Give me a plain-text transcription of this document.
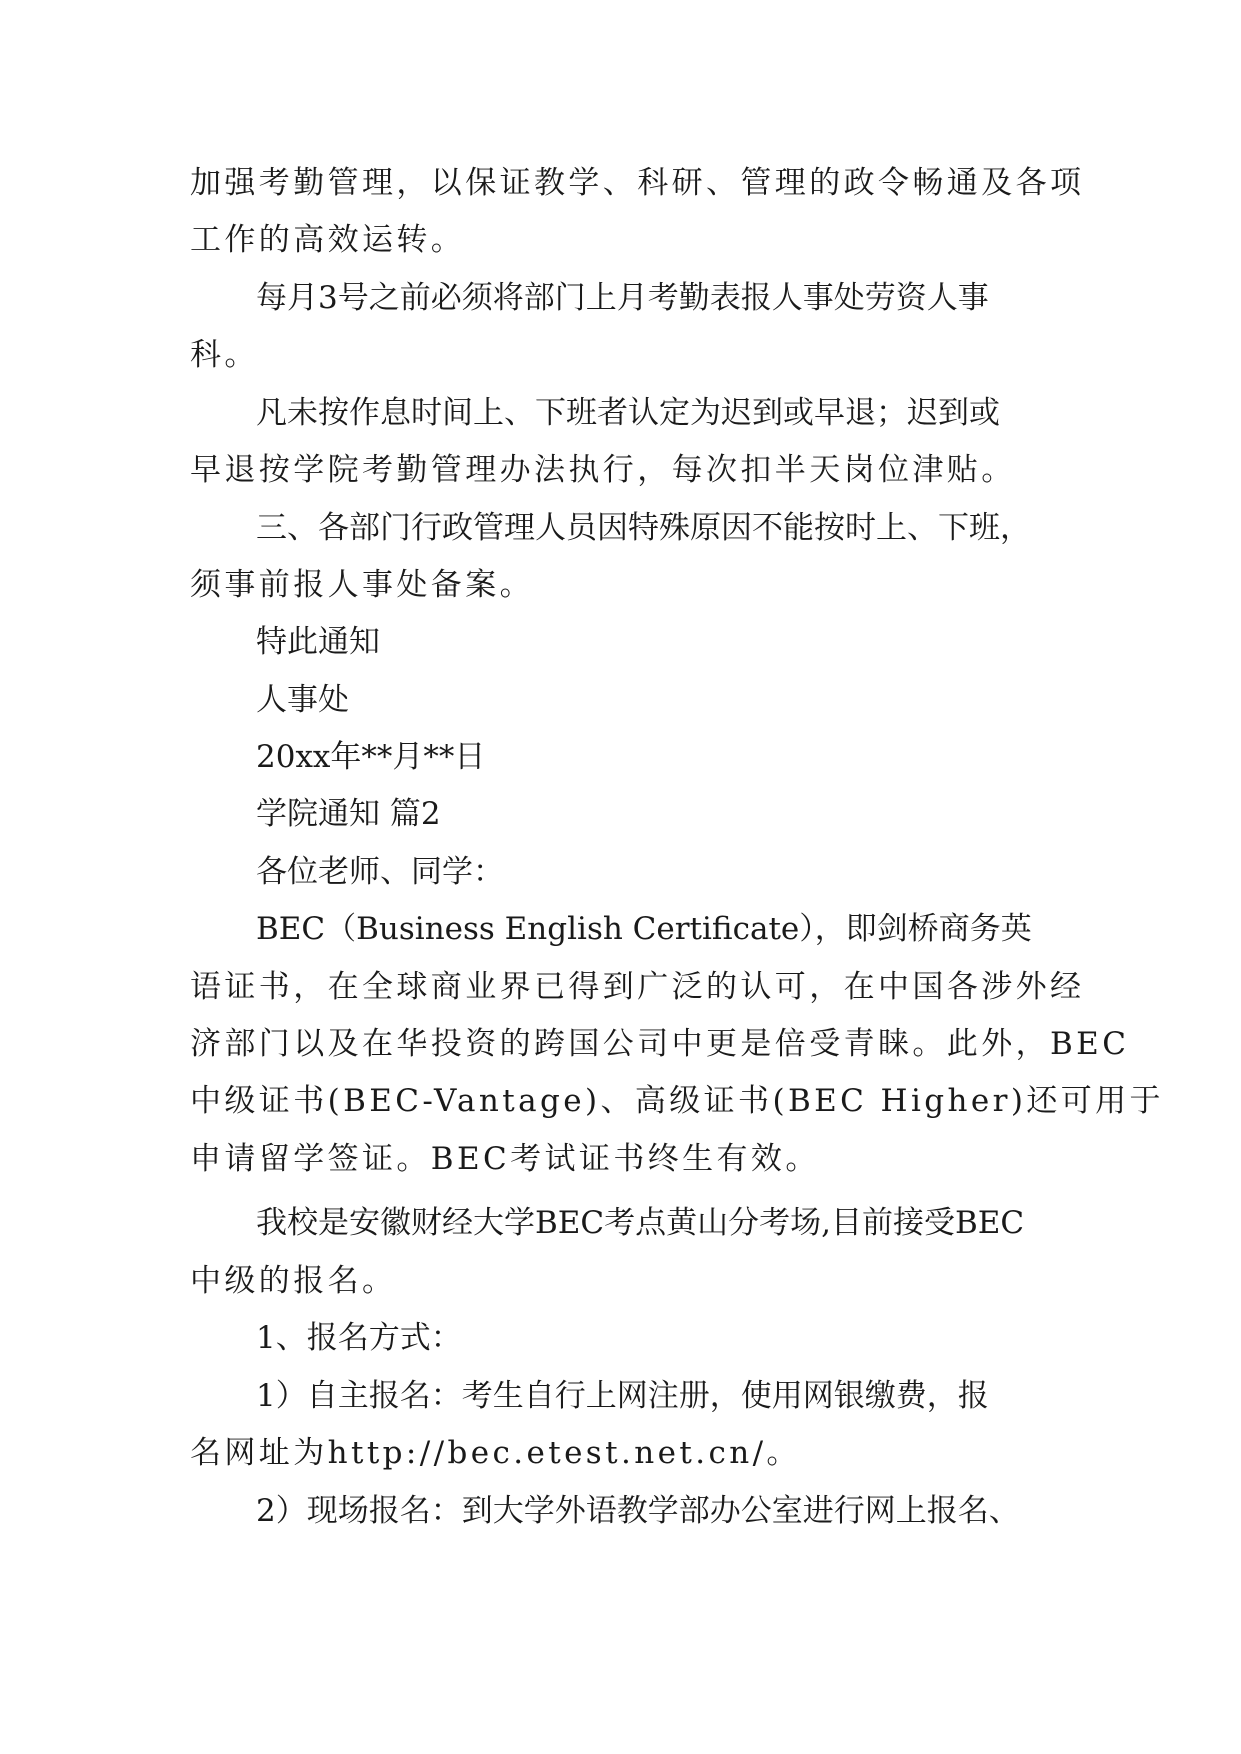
加强考勤管理，以保证教学、科研、管理的政令畅通及各项
工作的高效运转。
每月3号之前必须将部门上月考勤表报人事处劳资人事
科。
凡未按作息时间上、下班者认定为迟到或早退；迟到或
早退按学院考勤管理办法执行，每次扣半天岗位津贴。
三、各部门行政管理人员因特殊原因不能按时上、下班，
须事前报人事处备案。
特此通知
人事处
20xx年**月**日
学院通知 篇2
各位老师、同学：
BEC（Business English Certificate），即剑桥商务英
语证书，在全球商业界已得到广泛的认可，在中国各涉外经
济部门以及在华投资的跨国公司中更是倍受青睐。此外，BEC
中级证书(BEC-Vantage)、高级证书(BEC Higher)还可用于
申请留学签证。BEC考试证书终生有效。
我校是安徽财经大学BEC考点黄山分考场,目前接受BEC
中级的报名。
1、报名方式：
1）自主报名：考生自行上网注册，使用网银缴费，报
名网址为http://bec.etest.net.cn/。
2）现场报名：到大学外语教学部办公室进行网上报名、
